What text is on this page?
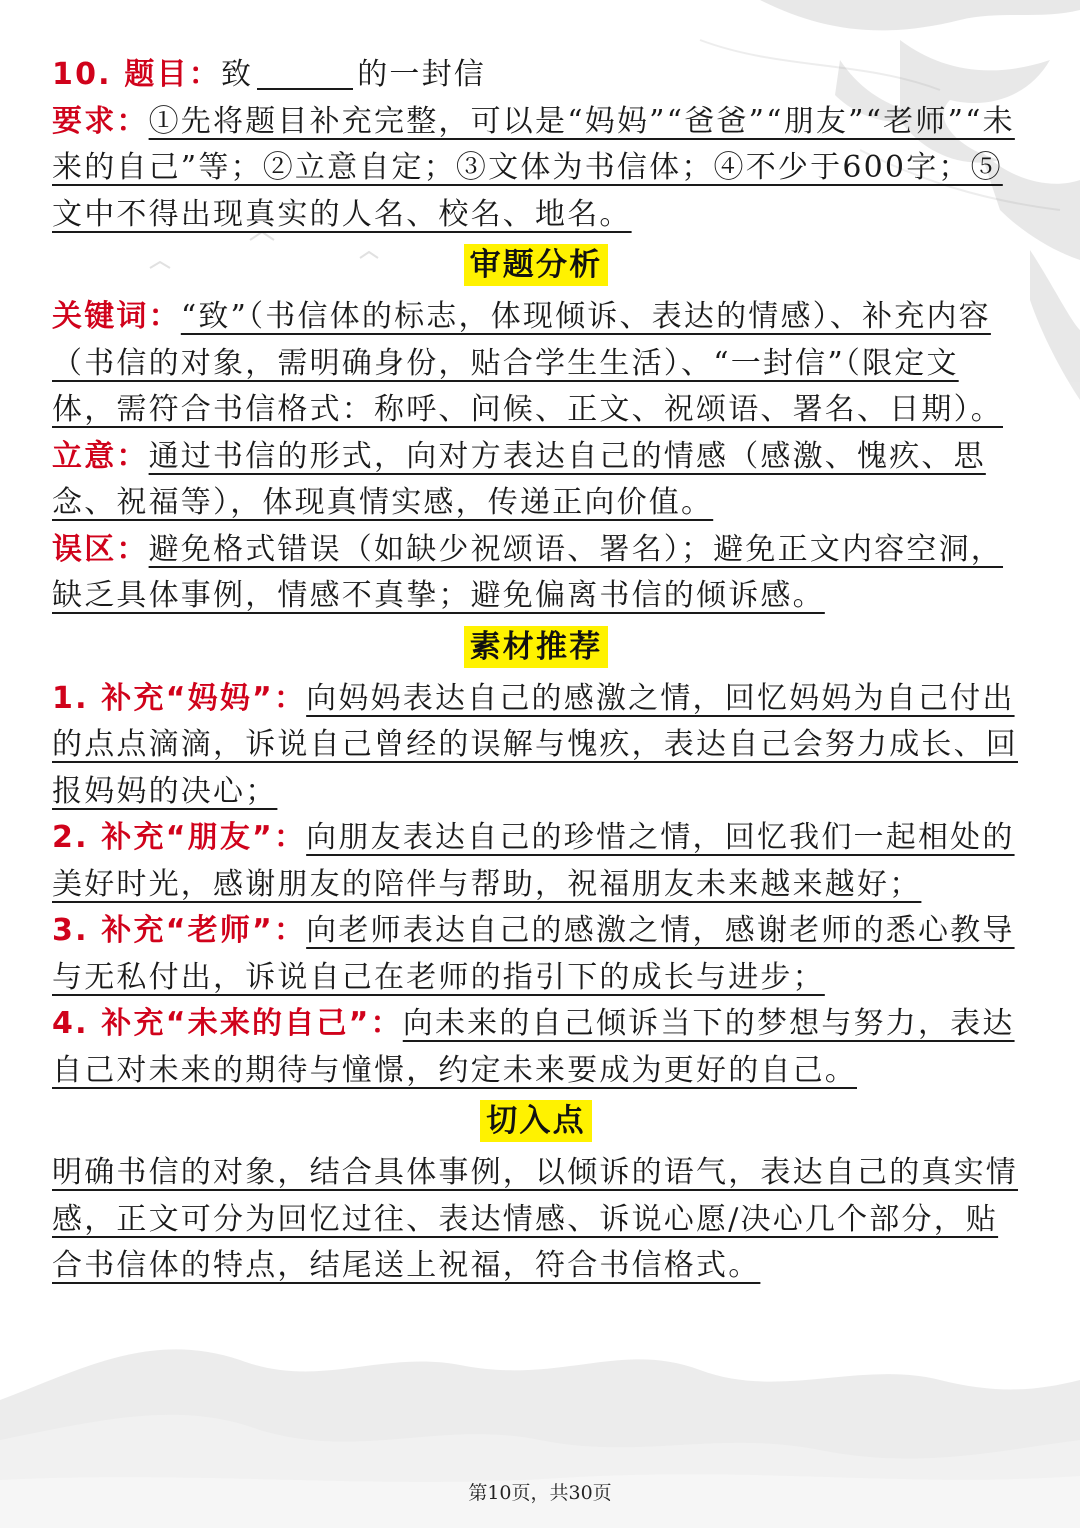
10. 题目：致	的一封信

要求：①先将题目补充完整，可以是“妈妈”“爸爸”“朋友”“老师”“未来的自己”等；②立意自定；③文体为书信体；④不少于600字；⑤文中不得出现真实的人名、校名、地名。

审题分析

关键词：“致”（书信体的标志，体现倾诉、表达的情感）、补充内容（书信的对象，需明确身份，贴合学生生活）、“一封信”（限定文体，需符合书信格式：称呼、问候、正文、祝颂语、署名、日期）。

立意：通过书信的形式，向对方表达自己的情感（感激、愧疚、思念、祝福等），体现真情实感，传递正向价值。

误区：避免格式错误（如缺少祝颂语、署名）；避免正文内容空洞，缺乏具体事例，情感不真挚；避免偏离书信的倾诉感。

素材推荐

1. 补充“妈妈”：向妈妈表达自己的感激之情，回忆妈妈为自己付出的点点滴滴，诉说自己曾经的误解与愧疚，表达自己会努力成长、回报妈妈的决心；

2. 补充“朋友”：向朋友表达自己的珍惜之情，回忆我们一起相处的美好时光，感谢朋友的陪伴与帮助，祝福朋友未来越来越好；

3. 补充“老师”：向老师表达自己的感激之情，感谢老师的悉心教导与无私付出，诉说自己在老师的指引下的成长与进步；

4. 补充“未来的自己”：向未来的自己倾诉当下的梦想与努力，表达自己对未来的期待与憧憬，约定未来要成为更好的自己。

切入点

明确书信的对象，结合具体事例，以倾诉的语气，表达自己的真实情感，正文可分为回忆过往、表达情感、诉说心愿/决心几个部分，贴合书信体的特点，结尾送上祝福，符合书信格式。

第10页，共30页
